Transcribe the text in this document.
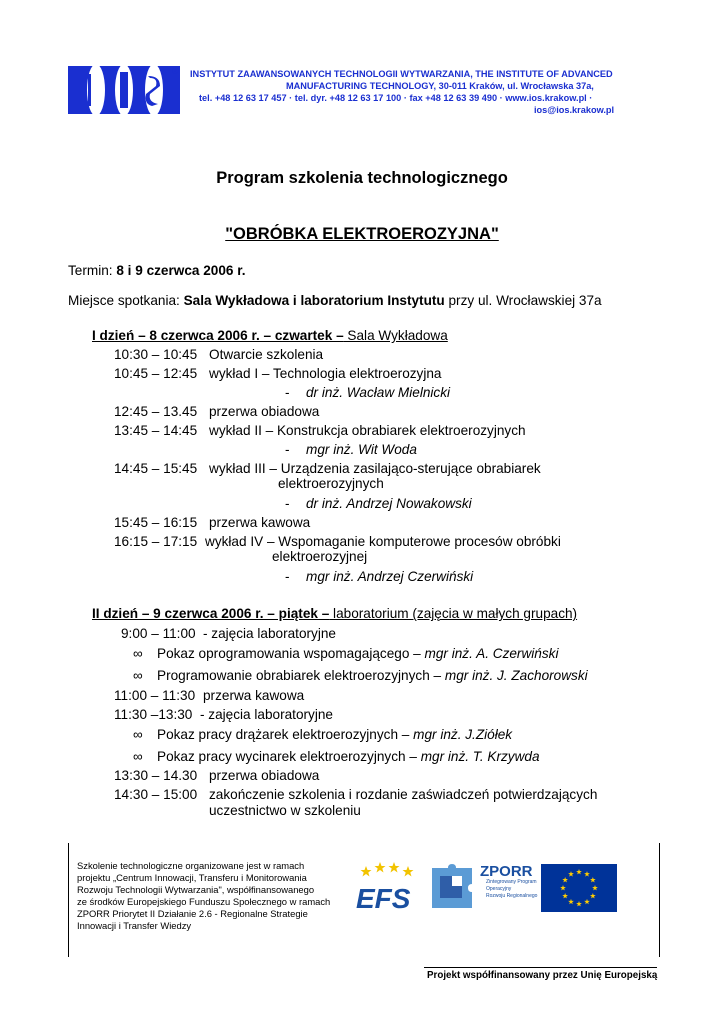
® INSTYTUT ZAAWANSOWANYCH TECHNOLOGII WYTWARZANIA, THE INSTITUTE OF ADVANCED
MANUFACTURING TECHNOLOGY, 30-011 Kraków, ul. Wrocławska 37a,
tel. +48 12 63 17 457 · tel. dyr. +48 12 63 17 100 · fax +48 12 63 39 490 · www.ios.krakow.pl ·
ios@ios.krakow.pl
Program szkolenia technologicznego
"OBRÓBKA ELEKTROEROZYJNA"
Termin: 8 i 9 czerwca 2006 r.
Miejsce spotkania: Sala Wykładowa i laboratorium Instytutu przy ul. Wrocławskiej 37a
I dzień – 8 czerwca 2006 r. – czwartek – Sala Wykładowa
10:30 – 10:45 Otwarcie szkolenia
10:45 – 12:45 wykład I – Technologia elektroerozyjna
- dr inż. Wacław Mielnicki
12:45 – 13.45 przerwa obiadowa
13:45 – 14:45 wykład II – Konstrukcja obrabiarek elektroerozyjnych
- mgr inż. Wit Woda
14:45 – 15:45 wykład III – Urządzenia zasilająco-sterujące obrabiarek
elektroerozyjnych
- dr inż. Andrzej Nowakowski
15:45 – 16:15 przerwa kawowa
16:15 – 17:15 wykład IV – Wspomaganie komputerowe procesów obróbki
elektroerozyjnej
- mgr inż. Andrzej Czerwiński
II dzień – 9 czerwca 2006 r. – piątek – laboratorium (zajęcia w małych grupach)
9:00 – 11:00 - zajęcia laboratoryjne
∞ Pokaz oprogramowania wspomagającego – mgr inż. A. Czerwiński
∞ Programowanie obrabiarek elektroerozyjnych – mgr inż. J. Zachorowski
11:00 – 11:30 przerwa kawowa
11:30 –13:30 - zajęcia laboratoryjne
∞ Pokaz pracy drążarek elektroerozyjnych – mgr inż. J.Ziółek
∞ Pokaz pracy wycinarek elektroerozyjnych – mgr inż. T. Krzywda
13:30 – 14.30 przerwa obiadowa
14:30 – 15:00 zakończenie szkolenia i rozdanie zaświadczeń potwierdzających
uczestnictwo w szkoleniu
Szkolenie technologiczne organizowane jest w ramach
projektu „Centrum Innowacji, Transferu i Monitorowania
Rozwoju Technologii Wytwarzania", współfinansowanego
ze środków Europejskiego Funduszu Społecznego w ramach
ZPORR Priorytet II Działanie 2.6 - Regionalne Strategie
Innowacji i Transfer Wiedzy
EFS
ZPORR
Zintegrowany Program
Operacyjny
Rozwoju Regionalnego
Projekt współfinansowany przez Unię Europejską
